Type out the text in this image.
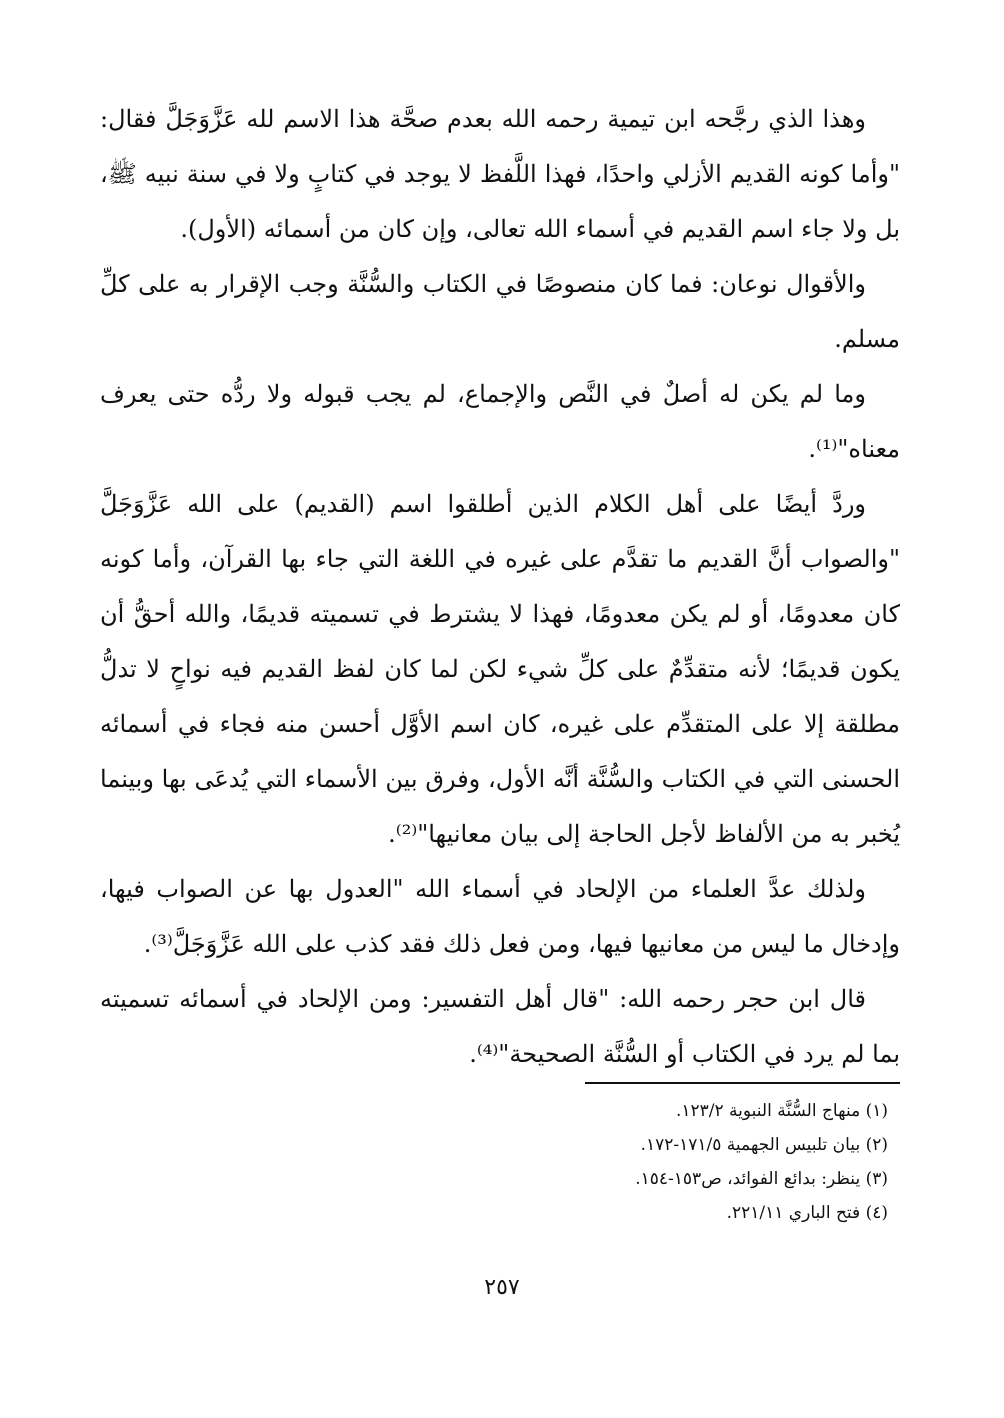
وهذا الذي رجَّحه ابن تيمية رحمه الله بعدم صحَّة هذا الاسم لله عَزَّوَجَلَّ فقال: "وأما كونه القديم الأزلي واحدًا، فهذا اللَّفظ لا يوجد في كتابٍ ولا في سنة نبيه ﷺ، بل ولا جاء اسم القديم في أسماء الله تعالى، وإن كان من أسمائه (الأول).

والأقوال نوعان: فما كان منصوصًا في الكتاب والسُّنَّة وجب الإقرار به على كلِّ مسلم.

وما لم يكن له أصلٌ في النَّص والإجماع، لم يجب قبوله ولا ردُّه حتى يعرف معناه"⁽¹⁾.

وردَّ أيضًا على أهل الكلام الذين أطلقوا اسم (القديم) على الله عَزَّوَجَلَّ "والصواب أنَّ القديم ما تقدَّم على غيره في اللغة التي جاء بها القرآن، وأما كونه كان معدومًا، أو لم يكن معدومًا، فهذا لا يشترط في تسميته قديمًا، والله أحقُّ أن يكون قديمًا؛ لأنه متقدِّمٌ على كلِّ شيء لكن لما كان لفظ القديم فيه نواحٍ لا تدلُّ مطلقة إلا على المتقدِّم على غيره، كان اسم الأوَّل أحسن منه فجاء في أسمائه الحسنى التي في الكتاب والسُّنَّة أنَّه الأول، وفرق بين الأسماء التي يُدعَى بها وبينما يُخبر به من الألفاظ لأجل الحاجة إلى بيان معانيها"⁽²⁾.

ولذلك عدَّ العلماء من الإلحاد في أسماء الله "العدول بها عن الصواب فيها، وإدخال ما ليس من معانيها فيها، ومن فعل ذلك فقد كذب على الله عَزَّوَجَلَّ⁽³⁾.

قال ابن حجر رحمه الله: "قال أهل التفسير: ومن الإلحاد في أسمائه تسميته بما لم يرد في الكتاب أو السُّنَّة الصحيحة"⁽⁴⁾.

(١) منهاج السُّنَّة النبوية ١٢٣/٢.

(٢) بيان تلبيس الجهمية ١٧١/٥-١٧٢.

(٣) ينظر: بدائع الفوائد، ص١٥٣-١٥٤.

(٤) فتح الباري ٢٢١/١١.

٢٥٧
